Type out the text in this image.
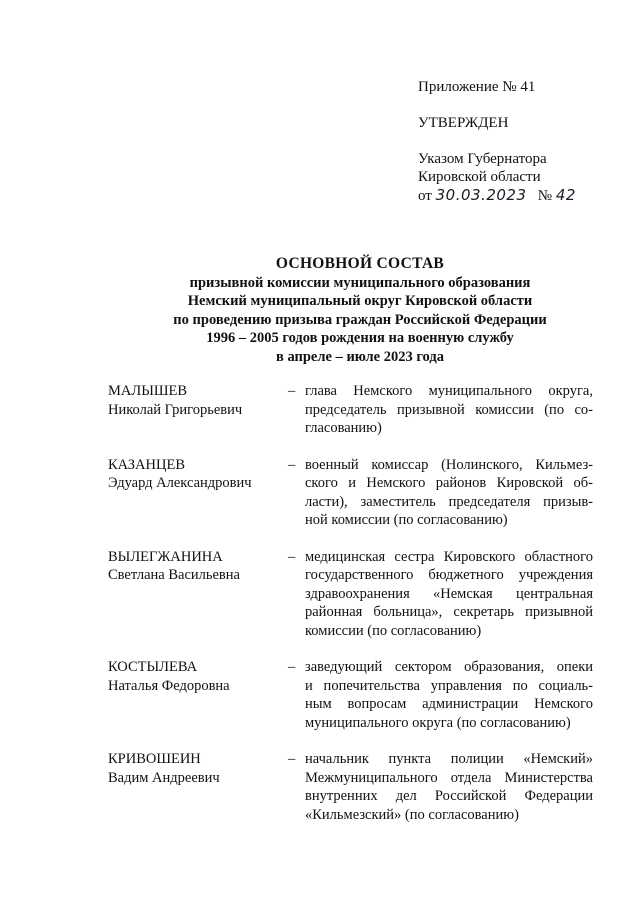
Приложение № 41
УТВЕРЖДЕН
Указом Губернатора
Кировской области
от 30.03.2023 № 42
ОСНОВНОЙ СОСТАВ
призывной комиссии муниципального образования
Немский муниципальный округ Кировской области
по проведению призыва граждан Российской Федерации
1996 – 2005 годов рождения на военную службу
в апреле – июле 2023 года
МАЛЫШЕВ
Николай Григорьевич
– глава Немского муниципального округа,
председатель призывной комиссии (по со-
гласованию)
КАЗАНЦЕВ
Эдуард Александрович
– военный комиссар (Нолинского, Кильмез-
ского и Немского районов Кировской об-
ласти), заместитель председателя призыв-
ной комиссии (по согласованию)
ВЫЛЕГЖАНИНА
Светлана Васильевна
– медицинская сестра Кировского областного
государственного бюджетного учреждения
здравоохранения «Немская центральная
районная больница», секретарь призывной
комиссии (по согласованию)
КОСТЫЛЕВА
Наталья Федоровна
– заведующий сектором образования, опеки
и попечительства управления по социаль-
ным вопросам администрации Немского
муниципального округа (по согласованию)
КРИВОШЕИН
Вадим Андреевич
– начальник пункта полиции «Немский»
Межмуниципального отдела Министерства
внутренних дел Российской Федерации
«Кильмезский» (по согласованию)
